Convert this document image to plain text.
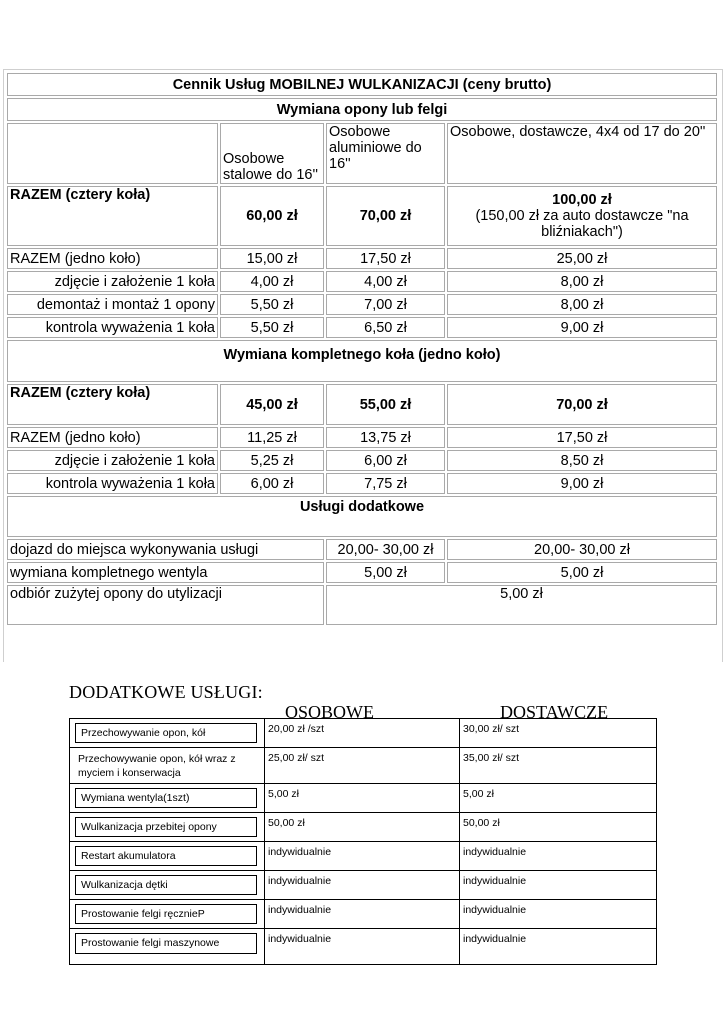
Cennik Usług MOBILNEJ WULKANIZACJI (ceny brutto)			
Wymiana opony lub felgi			
	Osobowe stalowe do 16''	Osobowe aluminiowe do 16''	Osobowe, dostawcze, 4x4 od 17 do 20''
RAZEM (cztery koła)	60,00 zł	70,00 zł	100,00 zł
(150,00 zł za auto dostawcze "na bliźniakach")

RAZEM (jedno koło)	15,00 zł	17,50 zł	25,00 zł
zdjęcie i założenie 1 koła	4,00 zł	4,00 zł	8,00 zł
demontaż i montaż 1 opony	5,50 zł	7,00 zł	8,00 zł
kontrola wyważenia 1 koła	5,50 zł	6,50 zł	9,00 zł
Wymiana kompletnego koła (jedno koło)			
RAZEM (cztery koła)	45,00 zł	55,00 zł	70,00 zł
RAZEM (jedno koło)	11,25 zł	13,75 zł	17,50 zł
zdjęcie i założenie 1 koła	5,25 zł	6,00 zł	8,50 zł
kontrola wyważenia 1 koła	6,00 zł	7,75 zł	9,00 zł
Usługi dodatkowe			
dojazd do miejsca wykonywania usługi		20,00- 30,00 zł	20,00- 30,00 zł
wymiana kompletnego wentyla		5,00 zł	5,00 zł
odbiór zużytej opony do utylizacji		5,00 zł	
DODATKOWE USŁUGI:
OSOBOWE	DOSTAWCZE
Przechowywanie opon, kół	20,00 zł /szt	30,00 zł/ szt

Przechowywanie opon, kół wraz z myciem i konserwacja	25,00 zł/ szt	35,00 zł/ szt

Wymiana wentyla(1szt)	5,00 zł	5,00 zł

Wulkanizacja przebitej opony	50,00 zł	50,00 zł

Restart akumulatora	indywidualnie	indywidualnie

Wulkanizacja dętki	indywidualnie	indywidualnie

Prostowanie felgi ręcznieP	indywidualnie	indywidualnie

Prostowanie felgi maszynowe	indywidualnie	indywidualnie
